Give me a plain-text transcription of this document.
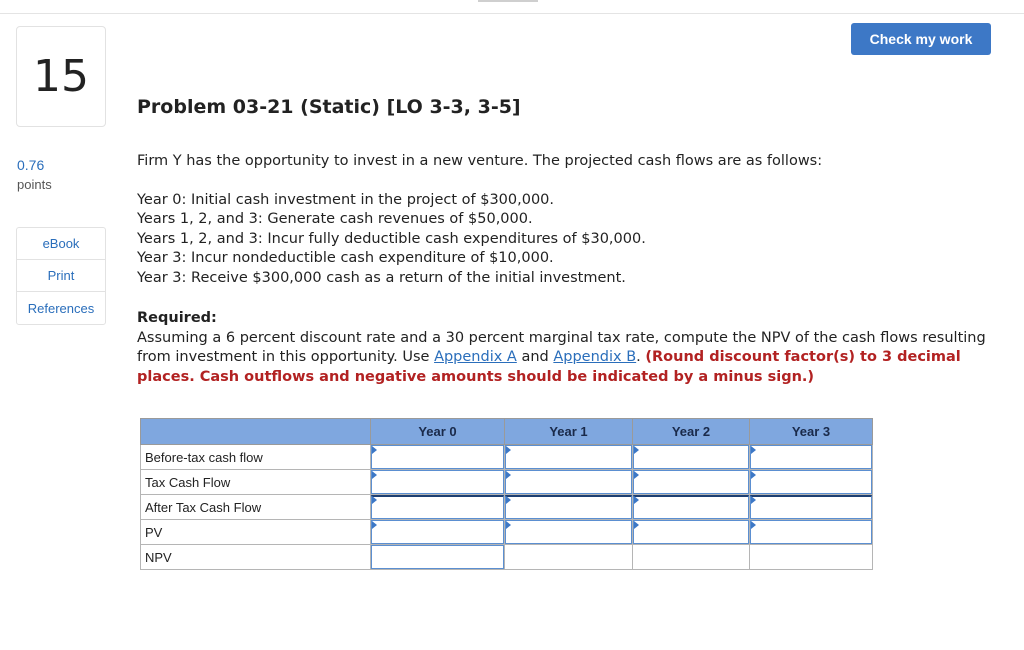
15
0.76
points
eBook
Print
References
Check my work
Problem 03-21 (Static) [LO 3-3, 3-5]
Firm Y has the opportunity to invest in a new venture. The projected cash flows are as follows:
Year 0: Initial cash investment in the project of $300,000.
Years 1, 2, and 3: Generate cash revenues of $50,000.
Years 1, 2, and 3: Incur fully deductible cash expenditures of $30,000.
Year 3: Incur nondeductible cash expenditure of $10,000.
Year 3: Receive $300,000 cash as a return of the initial investment.
Required:
Assuming a 6 percent discount rate and a 30 percent marginal tax rate, compute the NPV of the cash flows resulting from investment in this opportunity. Use Appendix A and Appendix B. (Round discount factor(s) to 3 decimal places. Cash outflows and negative amounts should be indicated by a minus sign.)
	Year 0	Year 1	Year 2	Year 3
Before-tax cash flow	

Tax Cash Flow	

After Tax Cash Flow	

PV	

NPV				
